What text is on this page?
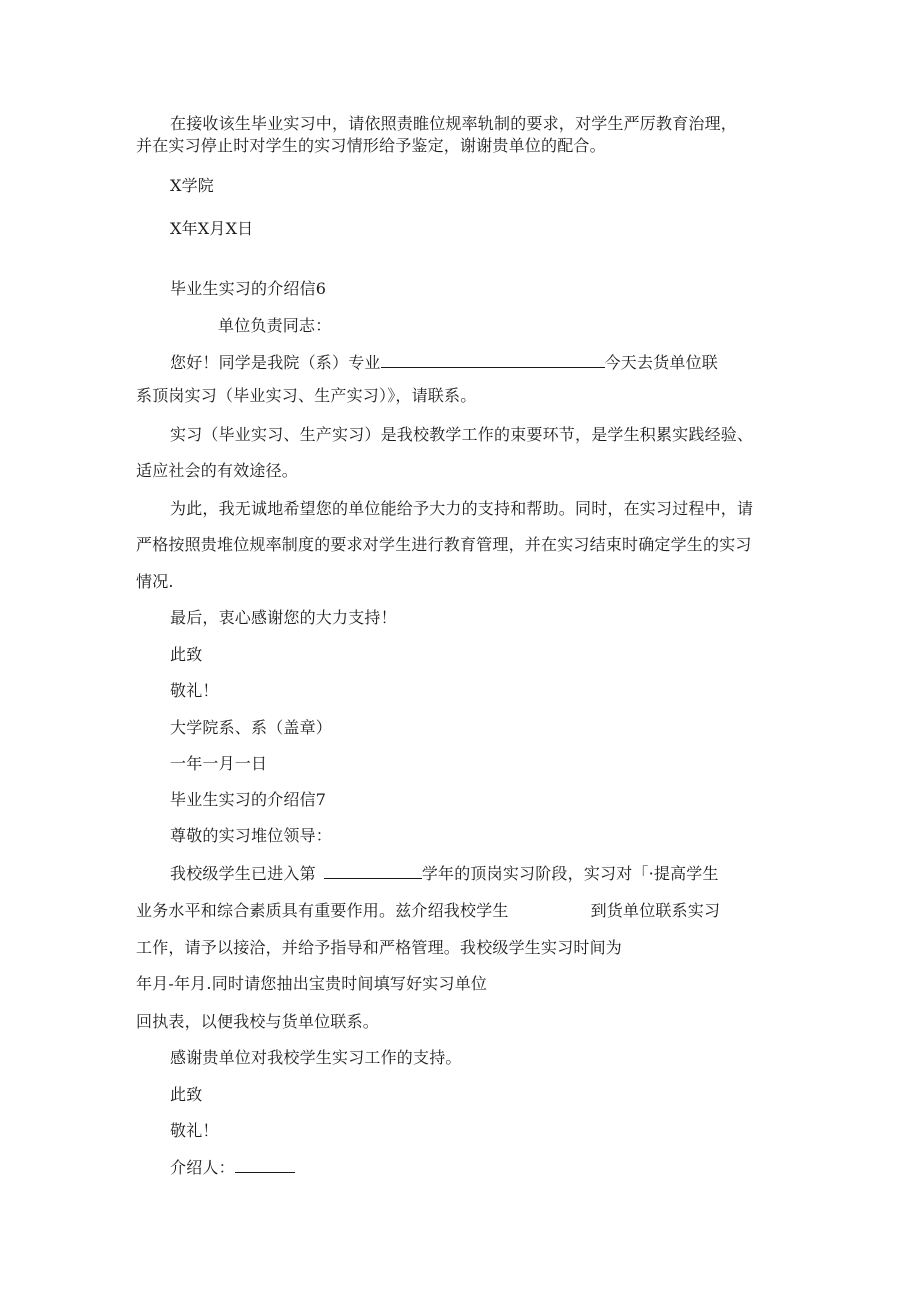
在接收该生毕业实习中，请依照责睢位规率轨制的要求，对学生严厉教育治理，
并在实习停止时对学生的实习情形给予鉴定，谢谢贵单位的配合。
X学院
X年X月X日
毕业生实习的介绍信6
单位负责同志：
您好！同学是我院（系）专业	今天去货单位联
系顶岗实习（毕业实习、生产实习）》，请联系。
实习（毕业实习、生产实习）是我校教学工作的束要环节，是学生积累实践经验、
适应社会的有效途径。
为此，我无诚地希望您的单位能给予大力的支持和帮助。同时，在实习过程中，请
严格按照贵堆位规率制度的要求对学生进行教育管理，并在实习结束时确定学生的实习
情况.
最后，衷心感谢您的大力支持！
此致
敬礼！
大学院系、系（盖章）
一年一月一日
毕业生实习的介绍信7
尊敬的实习堆位领导：
我校级学生已进入第	学年的顶岗实习阶段，实习对「·提高学生
业务水平和综合素质具有重要作用。兹介绍我校学生	到货单位联系实习
工作，请予以接洽，并给予指导和严格管理。我校级学生实习时间为
年月-年月.同时请您抽出宝贵时间填写好实习单位
回执表，以便我校与货单位联系。
感谢贵单位对我校学生实习工作的支持。
此致
敬礼！
介绍人：
